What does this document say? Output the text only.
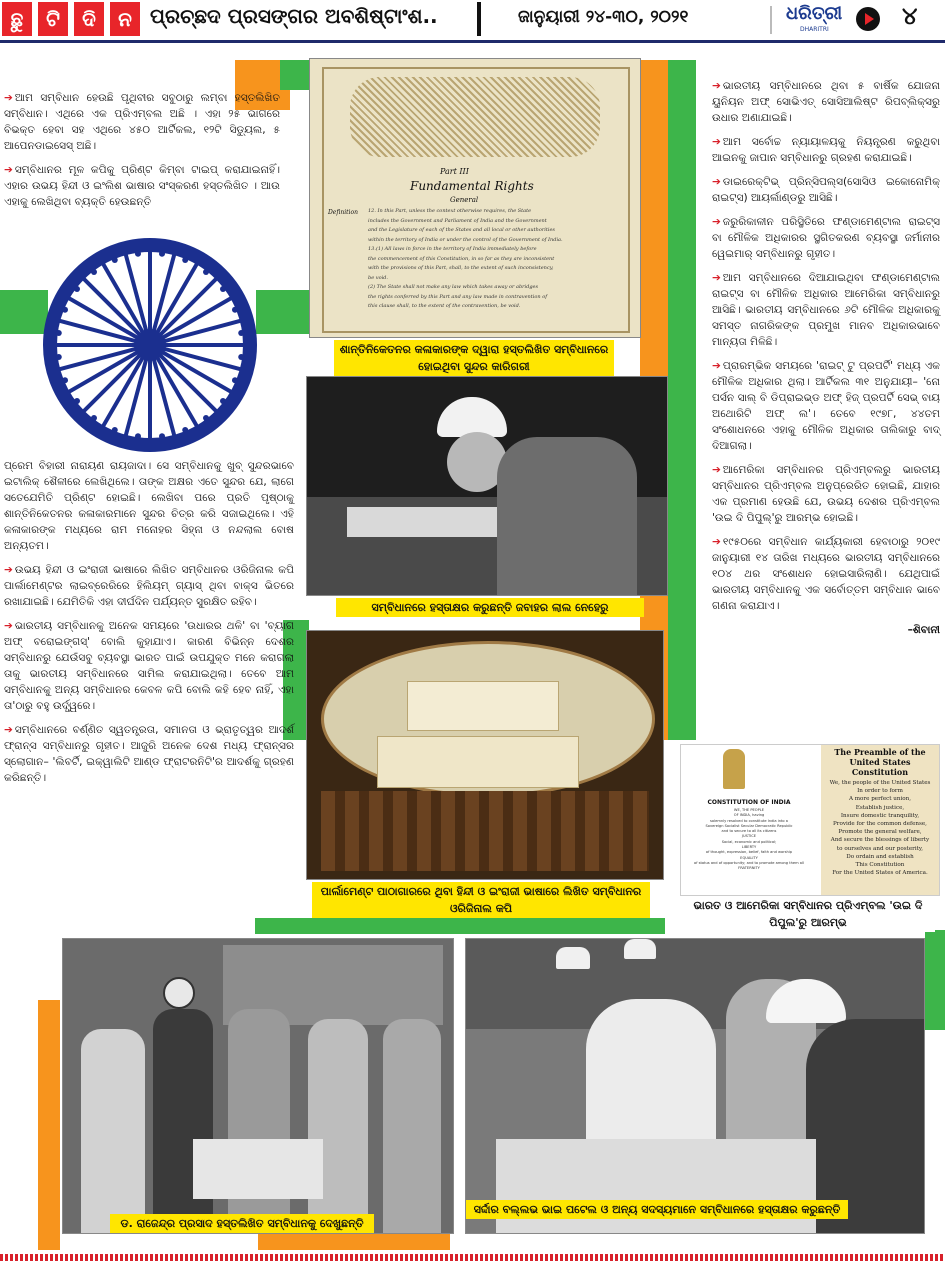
ଛୁ	ଟି	ଦି	ନ ପ୍ରଚ୍ଛଦ ପ୍ରସଙ୍ଗର ଅବଶିଷ୍ଟାଂଶ..	ଜାନୁୟାରୀ ୨୪-୩୦, ୨୦୨୧	ଧରିତ୍ରୀ
DHARITRI	୪

➔ ଆମ ସମ୍ବିଧାନ ହେଉଛି ପୃଥିବୀର ସବୁଠାରୁ ଲମ୍ବା ହସ୍ତଲିଖିତ ସମ୍ବିଧାନ। ଏଥିରେ ଏକ ପ୍ରିଏମ୍ବଲ ଅଛି । ଏହା ୨୫ ଭାଗରେ ବିଭକ୍ତ ହେବା ସହ ଏଥିରେ ୪୫୦ ଆର୍ଟିକଲ, ୧୨ଟି ସିଡ୍ୟୁଲ, ୫ ଆପେନଡାଇସେସ୍ ଅଛି।

➔ ସମ୍ବିଧାନର ମୂଳ କପିକୁ ପ୍ରିଣ୍ଟ କିମ୍ବା ଟାଇପ୍ କରାଯାଇନାହିଁ। ଏହାର ଉଭୟ ହିନ୍ଦୀ ଓ ଇଂଲିଶ ଭାଷାର ସଂସ୍କରଣ ହସ୍ତଲିଖିତ । ଆଉ ଏହାକୁ ଲେଖିଥିବା ବ୍ୟକ୍ତି ହେଉଛନ୍ତି

ପ୍ରେମ ବିହାରୀ ନାରାୟଣ ରାୟଜାଦା। ସେ ସମ୍ବିଧାନକୁ ଖୁବ୍ ସୁନ୍ଦରଭାବେ ଇଟାଲିକ୍ ଶୈଳୀରେ ଲେଖିଥିଲେ। ତାଙ୍କ ଅକ୍ଷର ଏତେ ସୁନ୍ଦର ଯେ, ଲାଗେ ସତେଯେମିତି ପ୍ରିଣ୍ଟ ହୋଇଛି। ଲେଖିବା ପରେ ପ୍ରତି ପୃଷ୍ଠାକୁ ଶାନ୍ତିନିକେତନର କଳାକାରମାନେ ସୁନ୍ଦର ଚିତ୍ର କରି ସଜାଇଥିଲେ। ଏହି କଳାକାରଙ୍କ ମଧ୍ୟରେ ରାମ ମନୋହର ସିହ୍ନା ଓ ନନ୍ଦଲାଲ ବୋଷ ଅନ୍ୟତମ।

➔ ଉଭୟ ହିନ୍ଦୀ ଓ ଇଂରାଜୀ ଭାଷାରେ ଲିଖିତ ସମ୍ବିଧାନର ଓରିଜିନାଲ କପି ପାର୍ଲାମେଣ୍ଟର ଲାଇବ୍ରେରିରେ ହିଲିୟମ୍ ଗ୍ୟାସ୍ ଥିବା ବାକ୍ସ ଭିତରେ ରଖାଯାଇଛି। ଯେମିତିକି ଏହା ଦୀର୍ଘଦିନ ପର୍ଯ୍ୟନ୍ତ ସୁରକ୍ଷିତ ରହିବ।

➔ ଭାରତୀୟ ସମ୍ବିଧାନକୁ ଅନେକ ସମୟରେ 'ଉଧାରର ଥଳି' ବା 'ବ୍ୟାଗ ଅଫ୍ ବରୋଇଙ୍ଗସ୍' ବୋଲି କୁହାଯାଏ। କାରଣ ବିଭିନ୍ନ ଦେଶର ସମ୍ବିଧାନରୁ ଯେଉଁସବୁ ବ୍ୟବସ୍ଥା ଭାରତ ପାଇଁ ଉପଯୁକ୍ତ ମନେ କରାଗଲା ତାକୁ ଭାରତୀୟ ସମ୍ବିଧାନରେ ସାମିଲ କରାଯାଇଥିଲା। ତେବେ ଆମ ସମ୍ବିଧାନକୁ ଅନ୍ୟ ସମ୍ବିଧାନର କେବଳ କପି ବୋଲି କହି ହେବ ନାହିଁ, ଏହା ତା'ଠାରୁ ବହୁ ଉର୍ଦ୍ଧ୍ୱରେ।

➔ ସମ୍ବିଧାନରେ ବର୍ଣ୍ଣିତ ସ୍ୱତନ୍ତ୍ରତା, ସମାନତା ଓ ଭ୍ରାତୃତ୍ୱର ଆଦର୍ଶ ଫ୍ରାନ୍ସ ସମ୍ବିଧାନରୁ ଗୃହୀତ। ଆଜୁରି ଅନେକ ଦେଶ ମଧ୍ୟ ଫ୍ରାନ୍ସର ସ୍ଲୋଗାନ– 'ଲିବର୍ଟି, ଇକ୍ୱାଲିଟି ଆଣ୍ଡ ଫ୍ରାଟରନିଟି'ର ଆଦର୍ଶକୁ ଗ୍ରହଣ କରିଛନ୍ତି।

Part III
Fundamental Rights
General
Definition 12. In this Part, unless the context otherwise requires, the State
includes the Government and Parliament of India and the Government
and the Legislature of each of the States and all local or other authorities
within the territory of India or under the control of the Government of India.
13.(1) All laws in force in the territory of India immediately before
the commencement of this Constitution, in so far as they are inconsistent
with the provisions of this Part, shall, to the extent of such inconsistency,
be void.
(2) The State shall not make any law which takes away or abridges
the rights conferred by this Part and any law made in contravention of
this clause shall, to the extent of the contravention, be void.
ଶାନ୍ତିନିକେତନର କଳାକାରଙ୍କ ଦ୍ୱାରା ହସ୍ତଲିଖିତ ସମ୍ବିଧାନରେ ହୋଇଥିବା ସୁନ୍ଦର କାରିଗରୀ
ସମ୍ବିଧାନରେ ହସ୍ତାକ୍ଷର କରୁଛନ୍ତି ଜବାହର ଲାଲ ନେହେରୁ
ପାର୍ଲାମେଣ୍ଟ ପାଠାଗାରରେ ଥିବା ହିନ୍ଦୀ ଓ ଇଂରାଜୀ ଭାଷାରେ ଲିଖିତ ସମ୍ବିଧାନର ଓରିଜିନାଲ କପି

➔ ଭାରତୀୟ ସମ୍ବିଧାନରେ ଥିବା ୫ ବାର୍ଷିକ ଯୋଜନା ୟୁନିୟନ ଅଫ୍ ସୋଭିଏତ୍ ସୋସିଆଲିଷ୍ଟ ରିପବ୍ଲିକ୍ସରୁ ଉଧାର ଅଣାଯାଇଛି।

➔ ଆମ ସର୍ବୋଚ୍ଚ ନ୍ୟାୟାଳୟକୁ ନିୟନ୍ତ୍ରଣ କରୁଥିବା ଆଇନକୁ ଜାପାନ ସମ୍ବିଧାନରୁ ଗ୍ରହଣ କରାଯାଇଛି।

➔ ଡାଇରେକ୍ଟିଭ୍ ପ୍ରିନ୍ସିପଲ୍ସ(ସୋସିଓ ଇକୋନୋମିକ୍ ରାଇଟ୍ସ) ଆୟର୍ଲାଣ୍ଡରୁ ଆସିଛି।

➔ ଜରୁରିକାଳୀନ ପରିସ୍ଥିତିରେ ଫଣ୍ଡାମେଣ୍ଟାଲ ରାଇଟ୍ସ ବା ମୌଳିକ ଅଧିକାରର ସ୍ଥଗିତକରଣ ବ୍ୟବସ୍ଥା ଜର୍ମାନୀର ୱେଇମାର୍ ସମ୍ବିଧାନରୁ ଗୃହୀତ।

➔ ଆମ ସମ୍ବିଧାନରେ ଦିଆଯାଇଥିବା ଫଣ୍ଡାମେଣ୍ଟାଲ ରାଇଟ୍ସ ବା ମୌଳିକ ଅଧିକାର ଆମେରିକା ସମ୍ବିଧାନରୁ ଆସିଛି। ଭାରତୀୟ ସମ୍ବିଧାନରେ ୬ଟି ମୌଳିକ ଅଧିକାରକୁ ସମସ୍ତ ନାଗରିକଙ୍କ ପ୍ରମୁଖ ମାନବ ଅଧିକାରଭାବେ ମାନ୍ୟତା ମିଳିଛି।

➔ ପ୍ରାରମ୍ଭିକ ସମୟରେ 'ରାଇଟ୍ ଟୁ ପ୍ରପର୍ଟି' ମଧ୍ୟ ଏକ ମୌଳିକ ଅଧିକାର ଥିଲା। ଆର୍ଟିକଲ ୩୧ ଅନୁଯାୟୀ– 'ନୋ ପର୍ସନ ସାଲ୍ ବି ଡିପ୍ରାଇଭ୍ଡ ଅଫ୍ ହିଜ୍ ପ୍ରପର୍ଟି ସେଭ୍ ବାୟ ଅଥୋରିଟି ଅଫ୍ ଲ'। ତେବେ ୧୯୭୮, ୪୪ତମ ସଂଶୋଧନରେ ଏହାକୁ ମୌଳିକ ଅଧିକାର ତାଲିକାରୁ ବାଦ୍ ଦିଆଗଲା।

➔ ଆମେରିକା ସମ୍ବିଧାନର ପ୍ରିଏମ୍ବଲରୁ ଭାରତୀୟ ସମ୍ବିଧାନର ପ୍ରିଏମ୍ବଲ ଅନୁପ୍ରେରିତ ହୋଇଛି, ଯାହାର ଏକ ପ୍ରମାଣ ହେଉଛି ଯେ, ଉଭୟ ଦେଶର ପ୍ରିଏମ୍ବଲ 'ଉଇ ଦି ପିପୁଲ୍'ରୁ ଆରମ୍ଭ ହୋଇଛି।

➔ ୧୯୫୦ରେ ସମ୍ବିଧାନ କାର୍ଯ୍ୟକାରୀ ହେବାଠାରୁ ୨୦୧୯ ଜାନୁୟାରୀ ୧୪ ତାରିଖ ମଧ୍ୟରେ ଭାରତୀୟ ସମ୍ବିଧାନରେ ୧୦୪ ଥର ସଂଶୋଧନ ହୋଇସାରିଲାଣି। ଯେଥିପାଇଁ ଭାରତୀୟ ସମ୍ବିଧାନକୁ ଏକ ସର୍ବୋତ୍ତମ ସମ୍ବିଧାନ ଭାବେ ଗଣନା କରାଯାଏ।

–ଶିବାନୀ
CONSTITUTION OF INDIA
WE, THE PEOPLE
OF INDIA, having
solemnly resolved to constitute India into a
Sovereign Socialist Secular Democratic Republic
and to secure to all its citizens
JUSTICE
Social, economic and political;
LIBERTY
of thought, expression, belief, faith and worship
EQUALITY
of status and of opportunity; and to promote among them all
FRATERNITY
The Preamble of the United States Constitution
We, the people of the United States
In order to form
A more perfect union,
Establish justice,
Insure domestic tranquility,
Provide for the common defense,
Promote the general welfare,
And secure the blessings of liberty
to ourselves and our posterity,
Do ordain and establish
This Constitution
For the United States of America.
ଭାରତ ଓ ଆମେରିକା ସମ୍ବିଧାନର ପ୍ରିଏମ୍ବଲ 'ଉଇ ଦି ପିପୁଲ'ରୁ ଆରମ୍ଭ
ଡ. ରାଜେନ୍ଦ୍ର ପ୍ରସାଦ ହସ୍ତଲିଖିତ ସମ୍ବିଧାନକୁ ଦେଖୁଛନ୍ତି
ସର୍ଦ୍ଦାର ବଲ୍ଲଭ ଭାଇ ପଟେଲ ଓ ଅନ୍ୟ ସଦସ୍ୟମାନେ ସମ୍ବିଧାନରେ ହସ୍ତାକ୍ଷର କରୁଛନ୍ତି
